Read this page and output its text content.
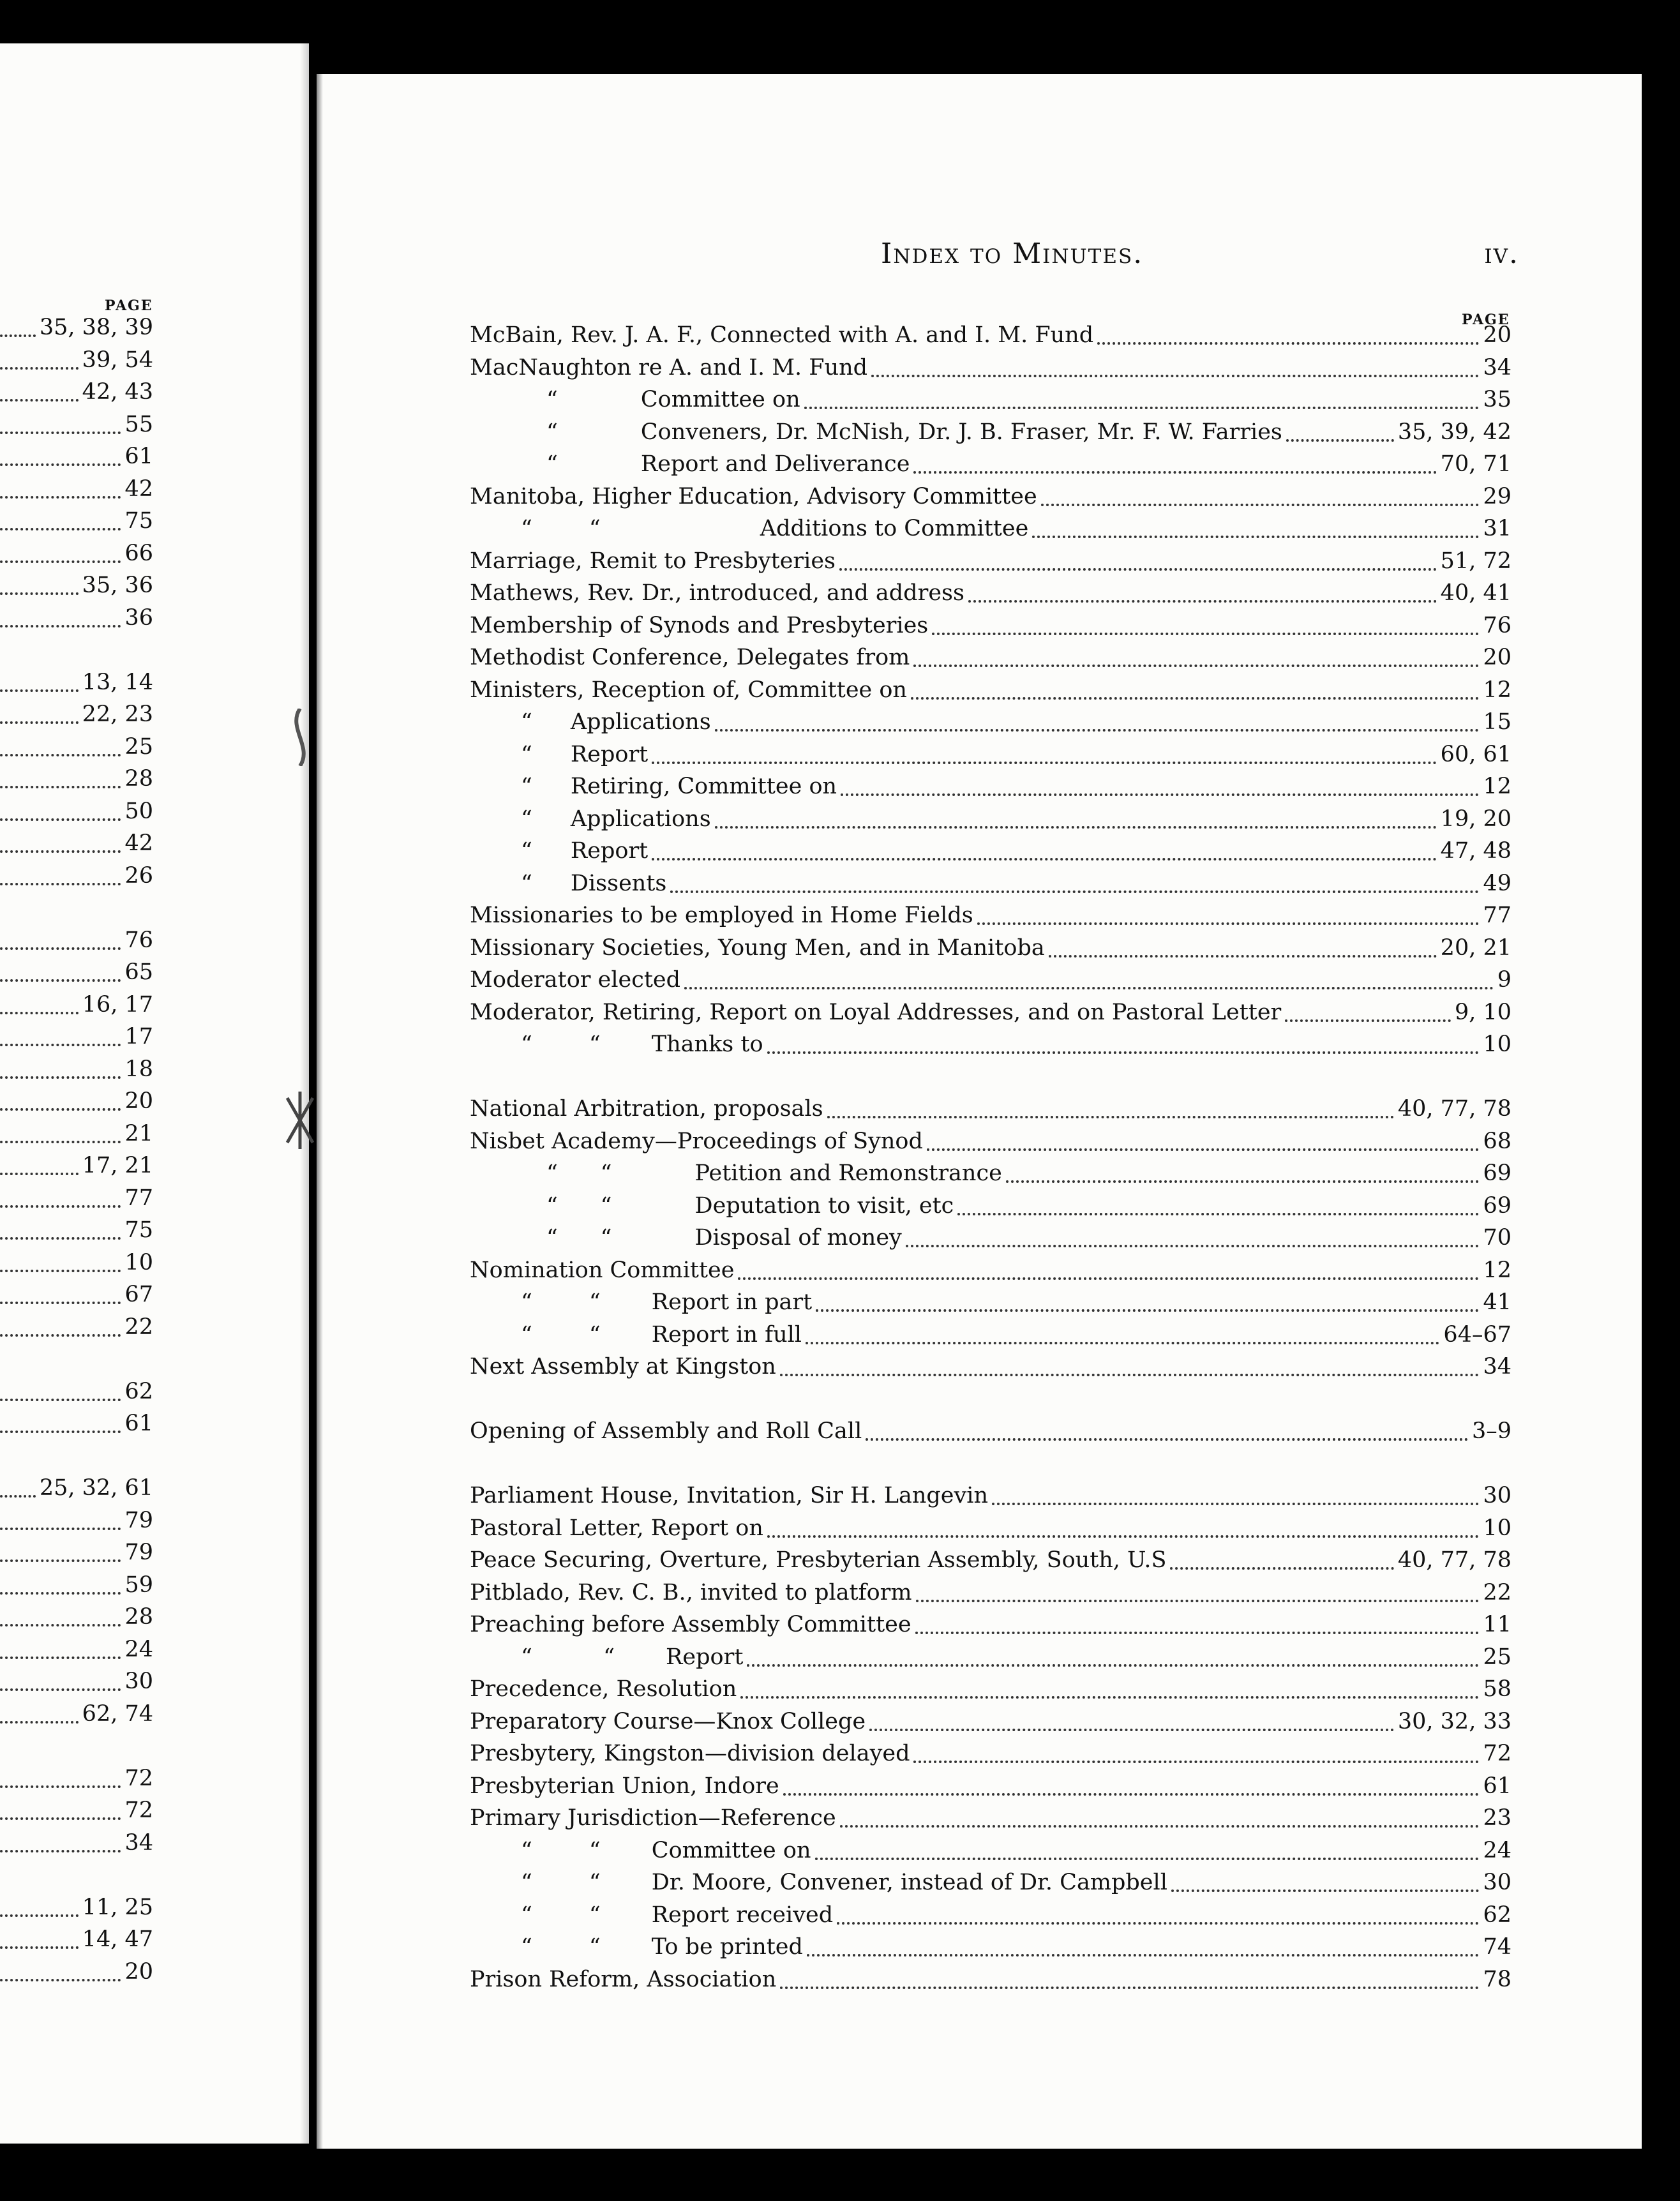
PAGE
35, 38, 39
39, 54
42, 43
55
61
42
75
66
35, 36
36
13, 14
22, 23
25
28
50
42
26
76
65
16, 17
17
18
20
21
17, 21
77
75
10
67
22
62
61
25, 32, 61
79
79
59
28
24
30
62, 74
72
72
34
11, 25
14, 47
20
Index to Minutes.	iv.
PAGE
McBain, Rev. J. A. F., Connected with A. and I. M. Fund	20
MacNaughton re A. and I. M. Fund	34
“	Committee on	35
“	Conveners, Dr. McNish, Dr. J. B. Fraser, Mr. F. W. Farries	35, 39, 42
“	Report and Deliverance	70, 71
Manitoba, Higher Education, Advisory Committee	29
“        “	Additions to Committee	31
Marriage, Remit to Presbyteries	51, 72
Mathews, Rev. Dr., introduced, and address	40, 41
Membership of Synods and Presbyteries	76
Methodist Conference, Delegates from	20
Ministers, Reception of, Committee on	12
“ Applications	15
“ Report	60, 61
“ Retiring, Committee on	12
“ Applications	19, 20
“ Report	47, 48
“ Dissents	49
Missionaries to be employed in Home Fields	77
Missionary Societies, Young Men, and in Manitoba	20, 21
Moderator elected	9
Moderator, Retiring, Report on Loyal Addresses, and on Pastoral Letter	9, 10
“        “ Thanks to	10
National Arbitration, proposals	40, 77, 78
Nisbet Academy—Proceedings of Synod	68
“      “	Petition and Remonstrance	69
“      “	Deputation to visit, etc	69
“      “	Disposal of money	70
Nomination Committee	12
“        “ Report in part	41
“        “ Report in full	64–67
Next Assembly at Kingston	34
Opening of Assembly and Roll Call	3–9
Parliament House, Invitation, Sir H. Langevin	30
Pastoral Letter, Report on	10
Peace Securing, Overture, Presbyterian Assembly, South, U.S	40, 77, 78
Pitblado, Rev. C. B., invited to platform	22
Preaching before Assembly Committee	11
“          “ Report	25
Precedence, Resolution	58
Preparatory Course—Knox College	30, 32, 33
Presbytery, Kingston—division delayed	72
Presbyterian Union, Indore	61
Primary Jurisdiction—Reference	23
“        “ Committee on	24
“        “ Dr. Moore, Convener, instead of Dr. Campbell	30
“        “ Report received	62
“        “ To be printed	74
Prison Reform, Association	78
